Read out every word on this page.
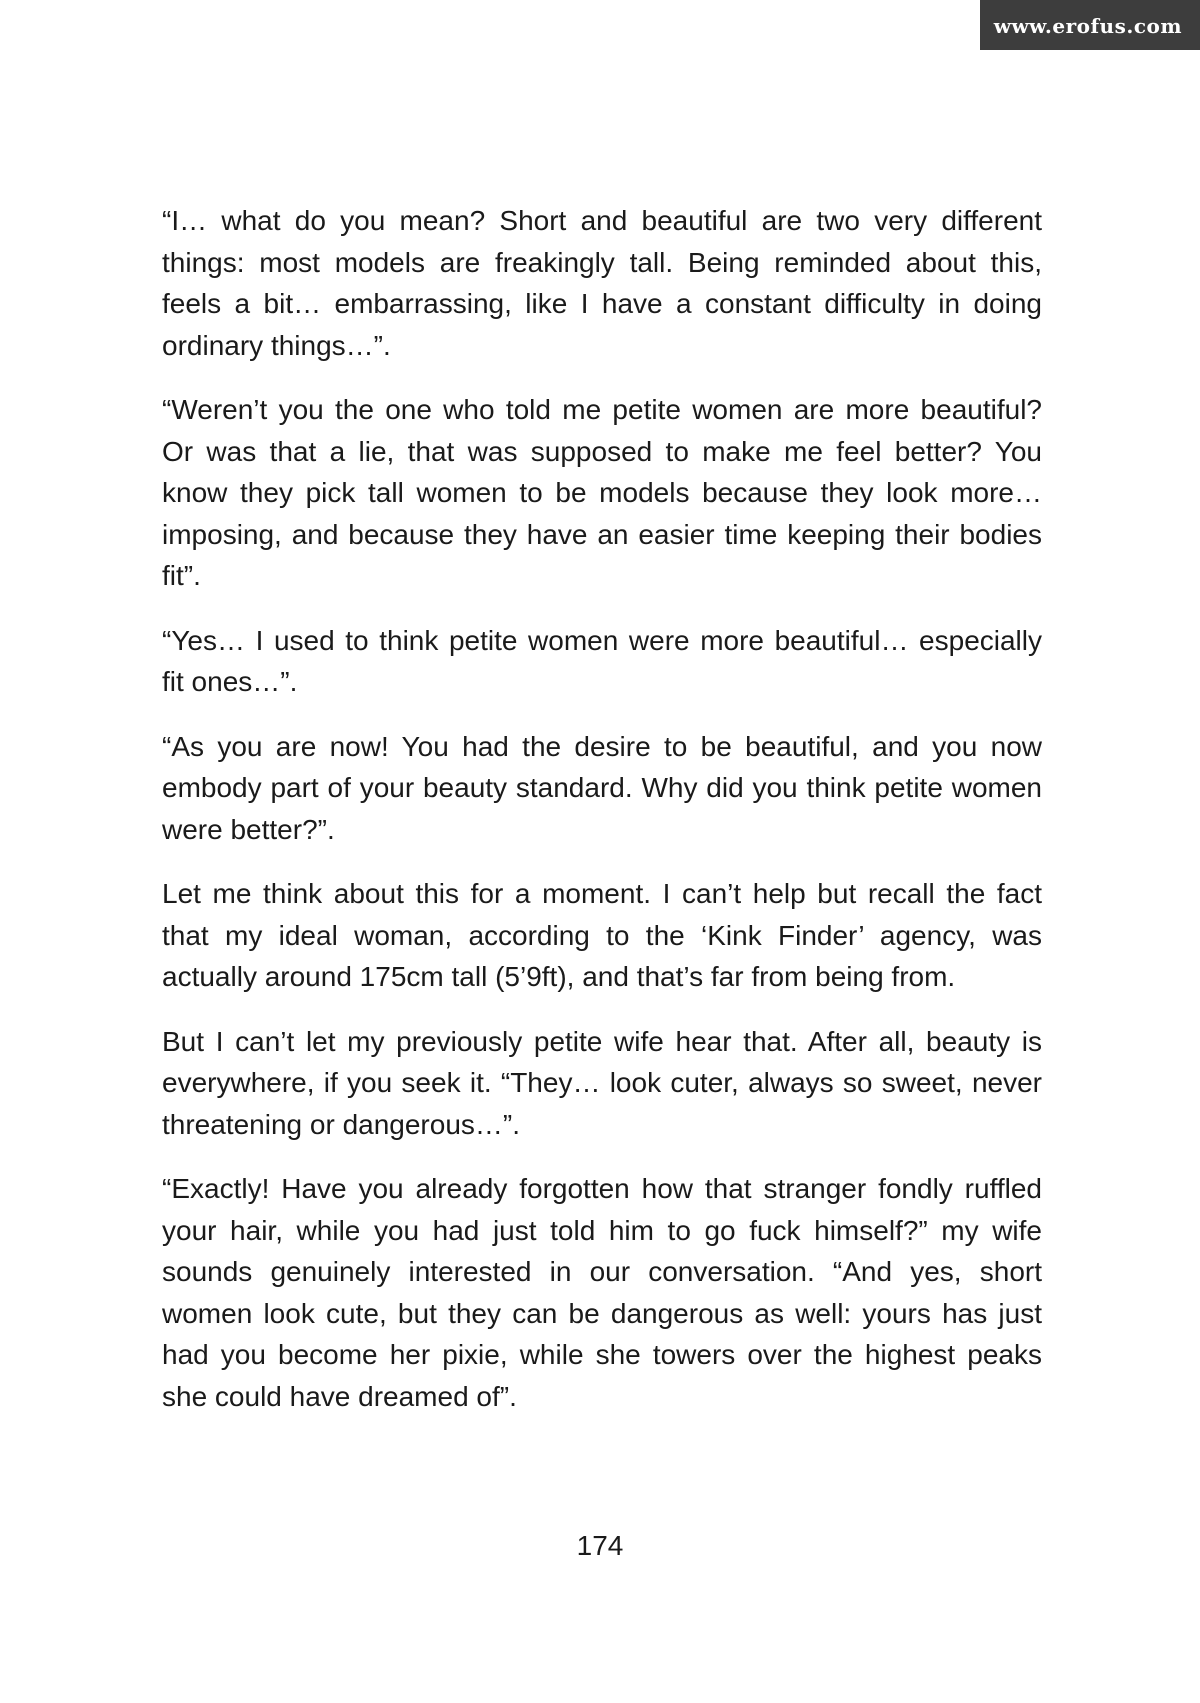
www.erofus.com

“I… what do you mean? Short and beautiful are two very different things: most models are freakingly tall. Being reminded about this, feels a bit… embarrassing, like I have a constant difficulty in doing ordinary things…”.

“Weren’t you the one who told me petite women are more beautiful? Or was that a lie, that was supposed to make me feel better? You know they pick tall women to be models because they look more… imposing, and because they have an easier time keeping their bodies fit”.

“Yes… I used to think petite women were more beautiful… especially fit ones…”.

“As you are now! You had the desire to be beautiful, and you now embody part of your beauty standard. Why did you think petite women were better?”.

Let me think about this for a moment. I can’t help but recall the fact that my ideal woman, according to the ‘Kink Finder’ agency, was actually around 175cm tall (5’9ft), and that’s far from being from.

But I can’t let my previously petite wife hear that. After all, beauty is everywhere, if you seek it. “They… look cuter, always so sweet, never threatening or dangerous…”.

“Exactly! Have you already forgotten how that stranger fondly ruffled your hair, while you had just told him to go fuck himself?” my wife sounds genuinely interested in our conversation. “And yes, short women look cute, but they can be dangerous as well: yours has just had you become her pixie, while she towers over the highest peaks she could have dreamed of”.

174
